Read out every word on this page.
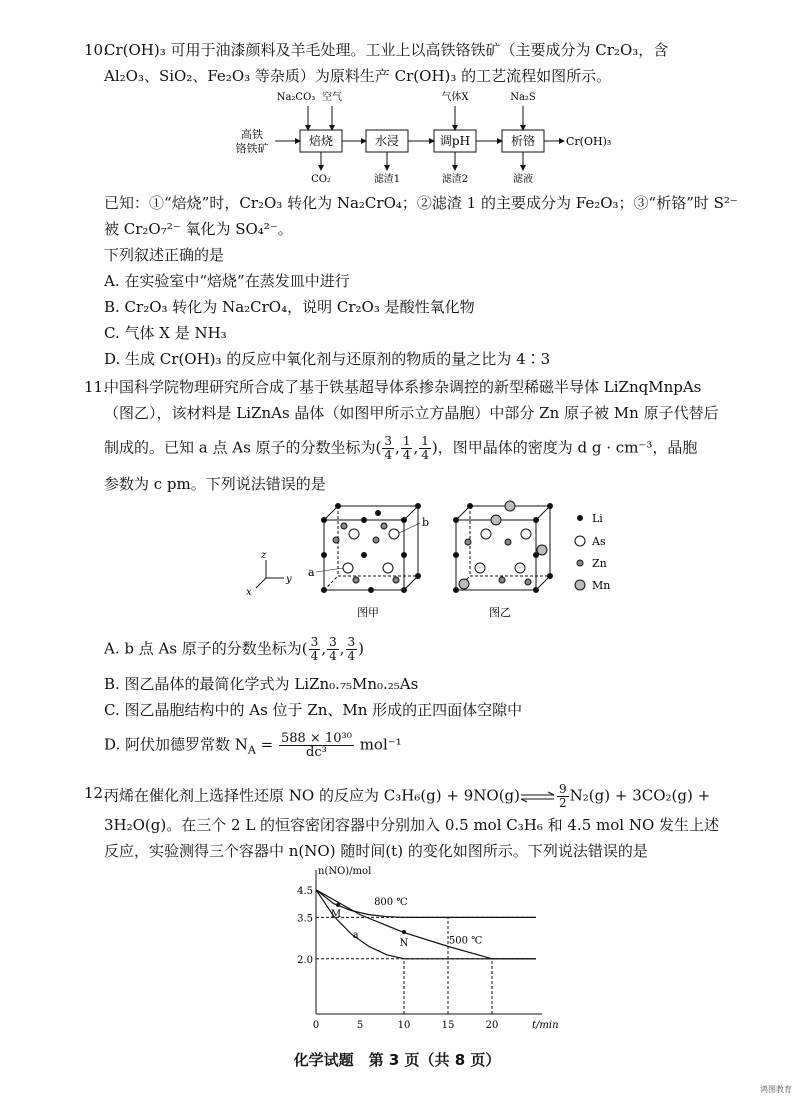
10.
Cr(OH)₃ 可用于油漆颜料及羊毛处理。工业上以高铁铬铁矿（主要成分为 Cr₂O₃，含
Al₂O₃、SiO₂、Fe₂O₃ 等杂质）为原料生产 Cr(OH)₃ 的工艺流程如图所示。
高铁
铬铁矿
焙烧	水浸	调pH	析铬	Cr(OH)₃
Na₂CO₃ 空气	气体X	Na₂S
CO₂	滤渣1	滤渣2	滤液
已知：①“焙烧”时，Cr₂O₃ 转化为 Na₂CrO₄；②滤渣 1 的主要成分为 Fe₂O₃；③“析铬”时 S²⁻
被 Cr₂O₇²⁻ 氧化为 SO₄²⁻。
下列叙述正确的是
A. 在实验室中“焙烧”在蒸发皿中进行
B. Cr₂O₃ 转化为 Na₂CrO₄，说明 Cr₂O₃ 是酸性氧化物
C. 气体 X 是 NH₃
D. 生成 Cr(OH)₃ 的反应中氧化剂与还原剂的物质的量之比为 4∶3
11.
中国科学院物理研究所合成了基于铁基超导体系掺杂调控的新型稀磁半导体 LiZnqMnpAs
（图乙），该材料是 LiZnAs 晶体（如图甲所示立方晶胞）中部分 Zn 原子被 Mn 原子代替后
制成的。已知 a 点 As 原子的分数坐标为( $\frac{3}{4}$ , $\frac{1}{4}$ , $\frac{1}{4}$ )，图甲晶体的密度为 d g · cm⁻³，晶胞
参数为 c pm。下列说法错误的是
z
y
x
a
b
图甲	图乙
Li
As
Zn
Mn
A. b 点 As 原子的分数坐标为( $\frac{3}{4}$ , $\frac{3}{4}$ , $\frac{3}{4}$ )
B. 图乙晶体的最简化学式为 LiZn₀.₇₅Mn₀.₂₅As
C. 图乙晶胞结构中的 As 位于 Zn、Mn 形成的正四面体空隙中
D. 阿伏加德罗常数 $N_A = \frac{\text{588 × 10³⁰}}{\text{dc³}} mol^{-1}$
12.
丙烯在催化剂上选择性还原 NO 的反应为 C₃H₆(g) + 9NO(g)⇌ $\frac{9}{2} N_2(g) + 3CO_2(g)$ +
3H₂O(g)。在三个 2 L 的恒容密闭容器中分别加入 0.5 mol C₃H₆ 和 4.5 mol NO 发生上述
反应，实验测得三个容器中 n(NO) 随时间(t) 的变化如图所示。下列说法错误的是
n(NO)/mol
t/min
0	5	10	15	20
2.0
3.5
4.5
800 ℃
500 ℃
a
M
N
化学试题　第 3 页（共 8 页）
鸿图教育
